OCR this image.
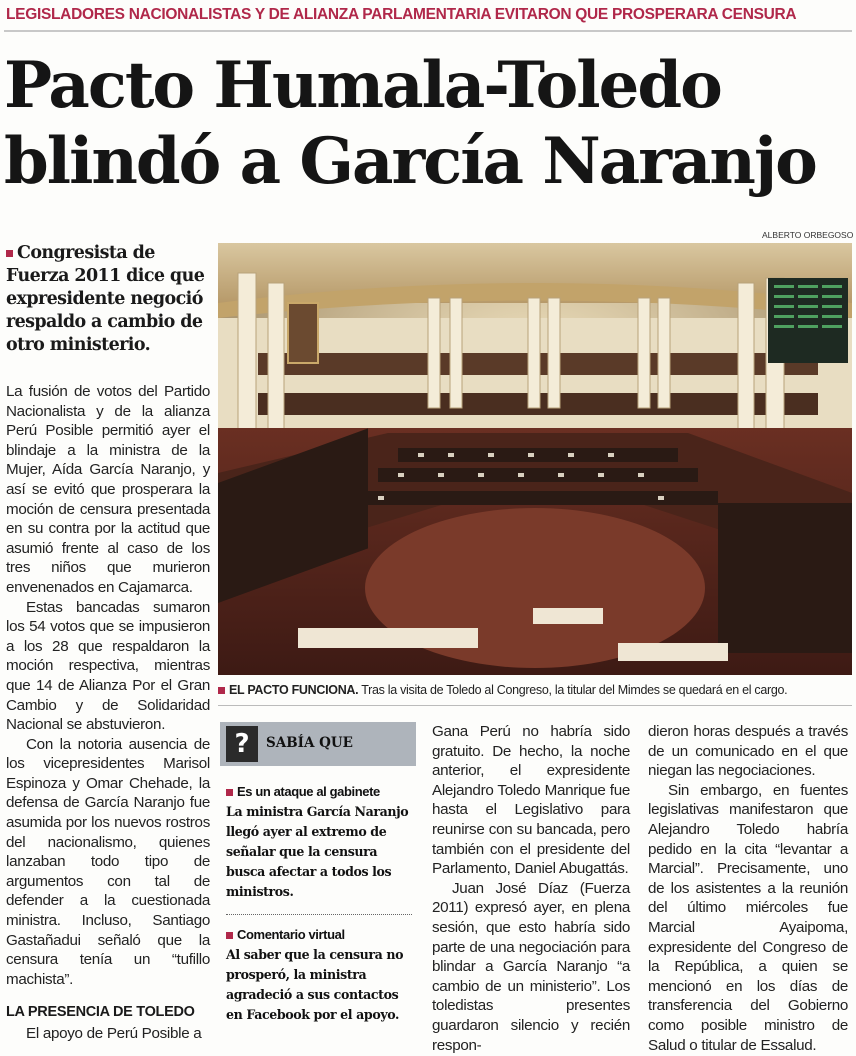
LEGISLADORES NACIONALISTAS Y DE ALIANZA PARLAMENTARIA EVITARON QUE PROSPERARA CENSURA
Pacto Humala-Toledo
blindó a García Naranjo
ALBERTO ORBEGOSO
Congresista de Fuerza 2011 dice que expresidente negoció respaldo a cambio de otro ministerio.

La fusión de votos del Partido Nacionalista y de la alianza Perú Posible permitió ayer el blindaje a la ministra de la Mujer, Aída García Naranjo, y así se evitó que prosperara la moción de censura presentada en su contra por la actitud que asumió frente al caso de los tres niños que murieron envenenados en Cajamarca.

Estas bancadas sumaron los 54 votos que se impusieron a los 28 que respaldaron la moción respectiva, mientras que 14 de Alianza Por el Gran Cambio y de Solidaridad Nacional se abstuvieron.

Con la notoria ausencia de los vicepresidentes Marisol Espinoza y Omar Chehade, la defensa de García Naranjo fue asumida por los nuevos rostros del nacionalismo, quienes lanzaban todo tipo de argumentos con tal de defender a la cuestionada ministra. Incluso, Santiago Gastañadui señaló que la censura tenía un “tufillo machista”.

LA PRESENCIA DE TOLEDO

El apoyo de Perú Posible a

EL PACTO FUNCIONA. Tras la visita de Toledo al Congreso, la titular del Mimdes se quedará en el cargo.
?	SABÍA QUE
Es un ataque al gabinete
La ministra García Naranjo llegó ayer al extremo de señalar que la censura busca afectar a todos los ministros.
Comentario virtual
Al saber que la censura no prosperó, la ministra agradeció a sus contactos en Facebook por el apoyo.

Gana Perú no habría sido gratuito. De hecho, la noche anterior, el expresidente Alejandro Toledo Manrique fue hasta el Legislativo para reunirse con su bancada, pero también con el presidente del Parlamento, Daniel Abugattás.

Juan José Díaz (Fuerza 2011) expresó ayer, en plena sesión, que esto habría sido parte de una negociación para blindar a García Naranjo “a cambio de un ministerio”. Los toledistas presentes guardaron silencio y recién respon-

dieron horas después a través de un comunicado en el que niegan las negociaciones.

Sin embargo, en fuentes legislativas manifestaron que Alejandro Toledo habría pedido en la cita “levantar a Marcial”. Precisamente, uno de los asistentes a la reunión del último miércoles fue Marcial Ayaipoma, expresidente del Congreso de la República, a quien se mencionó en los días de transferencia del Gobierno como posible ministro de Salud o titular de Essalud.
